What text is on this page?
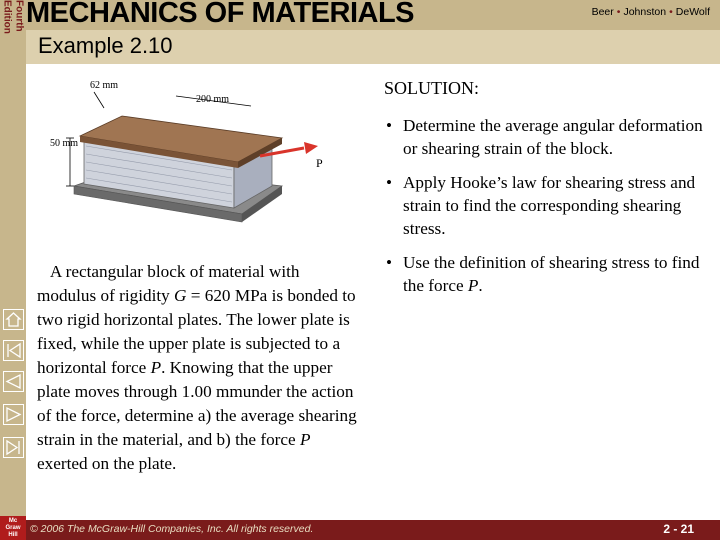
Fourth
Edition MECHANICS OF MATERIALS	Beer • Johnston • DeWolf
Example 2.10
62 mm
200 mm
50 mm
P
A rectangular block of material with modulus of rigidity G = 620 MPa is bonded to two rigid horizontal plates. The lower plate is fixed, while the upper plate is subjected to a horizontal force P. Knowing that the upper plate moves through 1.00 mmunder the action of the force, determine a) the average shearing strain in the material, and b) the force P exerted on the plate.
SOLUTION:
• Determine the average angular deformation or shearing strain of the block.
• Apply Hooke’s law for shearing stress and strain to find the corresponding shearing stress.
• Use the definition of shearing stress to find the force P.
© 2006 The McGraw-Hill Companies, Inc. All rights reserved.	2 - 21
Mc
Graw
Hill
